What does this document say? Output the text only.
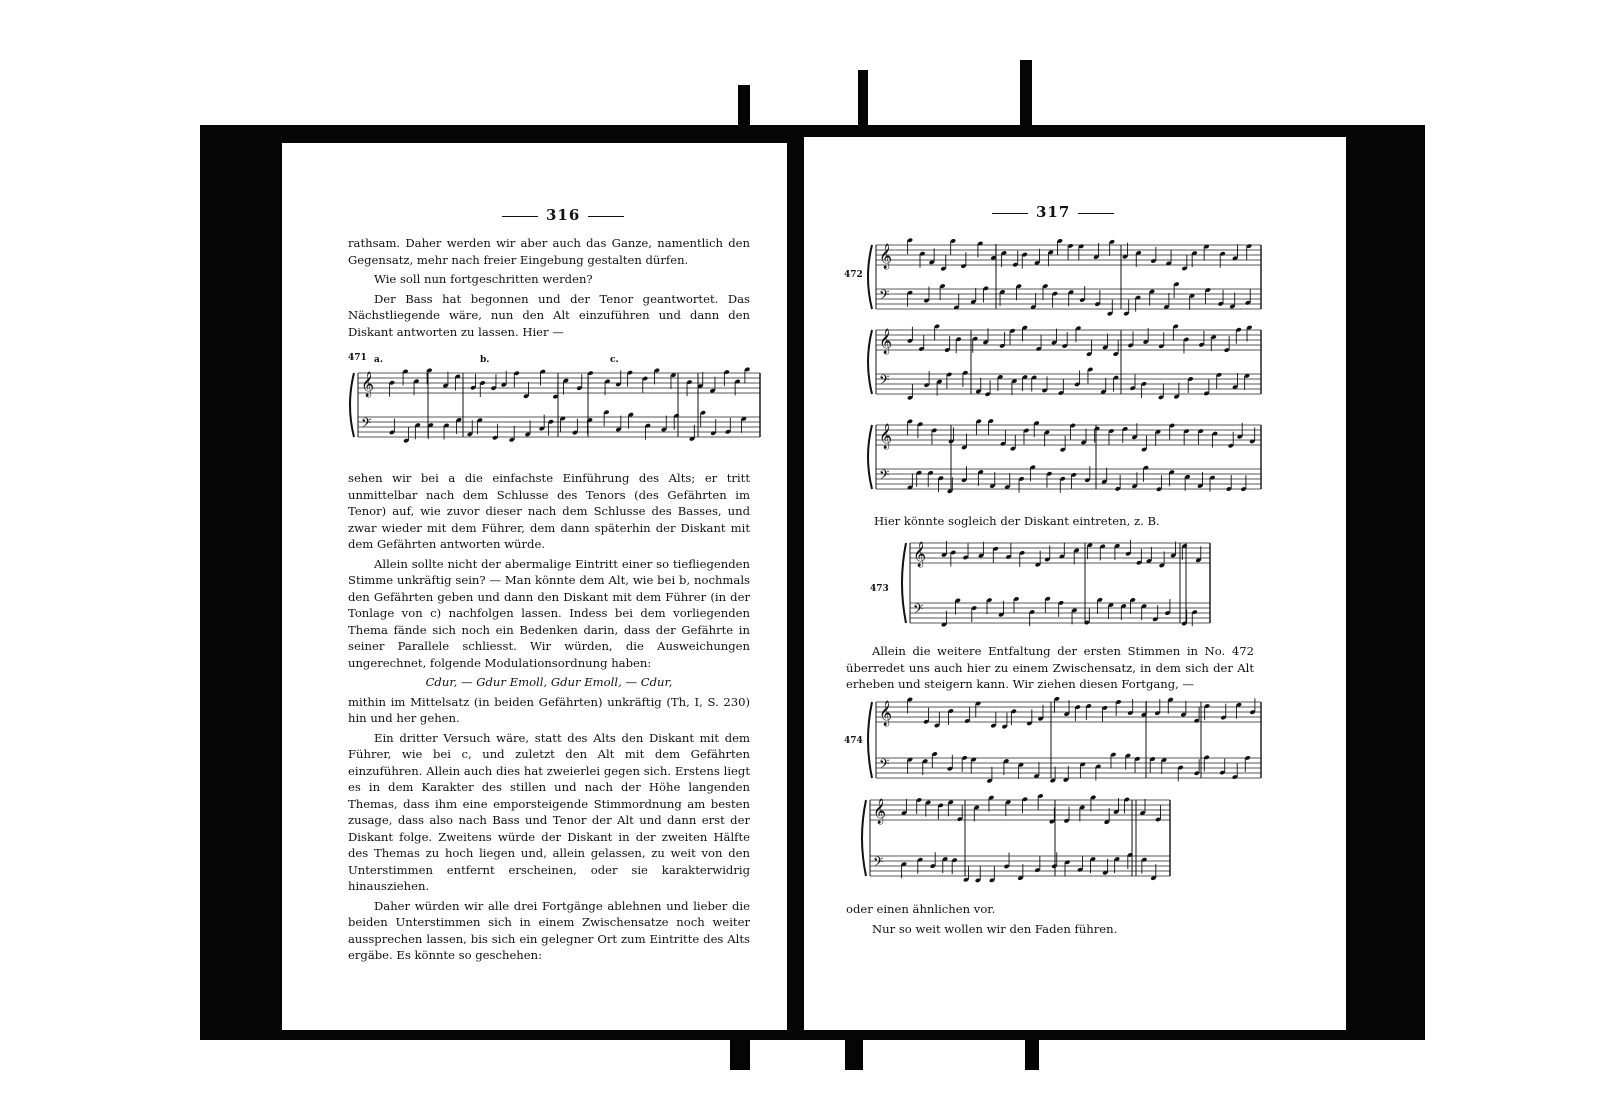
316

rathsam. Daher werden wir aber auch das Ganze, namentlich den Gegensatz, mehr nach freier Eingebung gestalten dürfen.

Wie soll nun fortgeschritten werden?

Der Bass hat begonnen und der Tenor geantwortet. Das Nächstliegende wäre, nun den Alt einzuführen und dann den Diskant antworten zu lassen. Hier —

471 a.	b.	c.
𝄞
𝄢

sehen wir bei a die einfachste Einführung des Alts; er tritt unmittelbar nach dem Schlusse des Tenors (des Gefährten im Tenor) auf, wie zuvor dieser nach dem Schlusse des Basses, und zwar wieder mit dem Führer, dem dann späterhin der Diskant mit dem Gefährten antworten würde.

Allein sollte nicht der abermalige Eintritt einer so tiefliegenden Stimme unkräftig sein? — Man könnte dem Alt, wie bei b, nochmals den Gefährten geben und dann den Diskant mit dem Führer (in der Tonlage von c) nachfolgen lassen. Indess bei dem vorliegenden Thema fände sich noch ein Bedenken darin, dass der Gefährte in seiner Parallele schliesst. Wir würden, die Ausweichungen ungerechnet, folgende Modulationsordnung haben:

Cdur, — Gdur Emoll, Gdur Emoll, — Cdur,

mithin im Mittelsatz (in beiden Gefährten) unkräftig (Th, I, S. 230) hin und her gehen.

Ein dritter Versuch wäre, statt des Alts den Diskant mit dem Führer, wie bei c, und zuletzt den Alt mit dem Gefährten einzuführen. Allein auch dies hat zweierlei gegen sich. Erstens liegt es in dem Karakter des stillen und nach der Höhe langenden Themas, dass ihm eine emporsteigende Stimmordnung am besten zusage, dass also nach Bass und Tenor der Alt und dann erst der Diskant folge. Zweitens würde der Diskant in der zweiten Hälfte des Themas zu hoch liegen und, allein gelassen, zu weit von den Unterstimmen entfernt erscheinen, oder sie karakterwidrig hinausziehen.

Daher würden wir alle drei Fortgänge ablehnen und lieber die beiden Unterstimmen sich in einem Zwischensatze noch weiter aussprechen lassen, bis sich ein gelegner Ort zum Eintritte des Alts ergäbe. Es könnte so geschehen:

317
472
𝄞
𝄢
𝄞
𝄢
𝄞
𝄢

Hier könnte sogleich der Diskant eintreten, z. B.

473
𝄞
𝄢

Allein die weitere Entfaltung der ersten Stimmen in No. 472 überredet uns auch hier zu einem Zwischensatz, in dem sich der Alt erheben und steigern kann. Wir ziehen diesen Fortgang, —

474
𝄞
𝄢
𝄞
𝄢

oder einen ähnlichen vor.

Nur so weit wollen wir den Faden führen.
